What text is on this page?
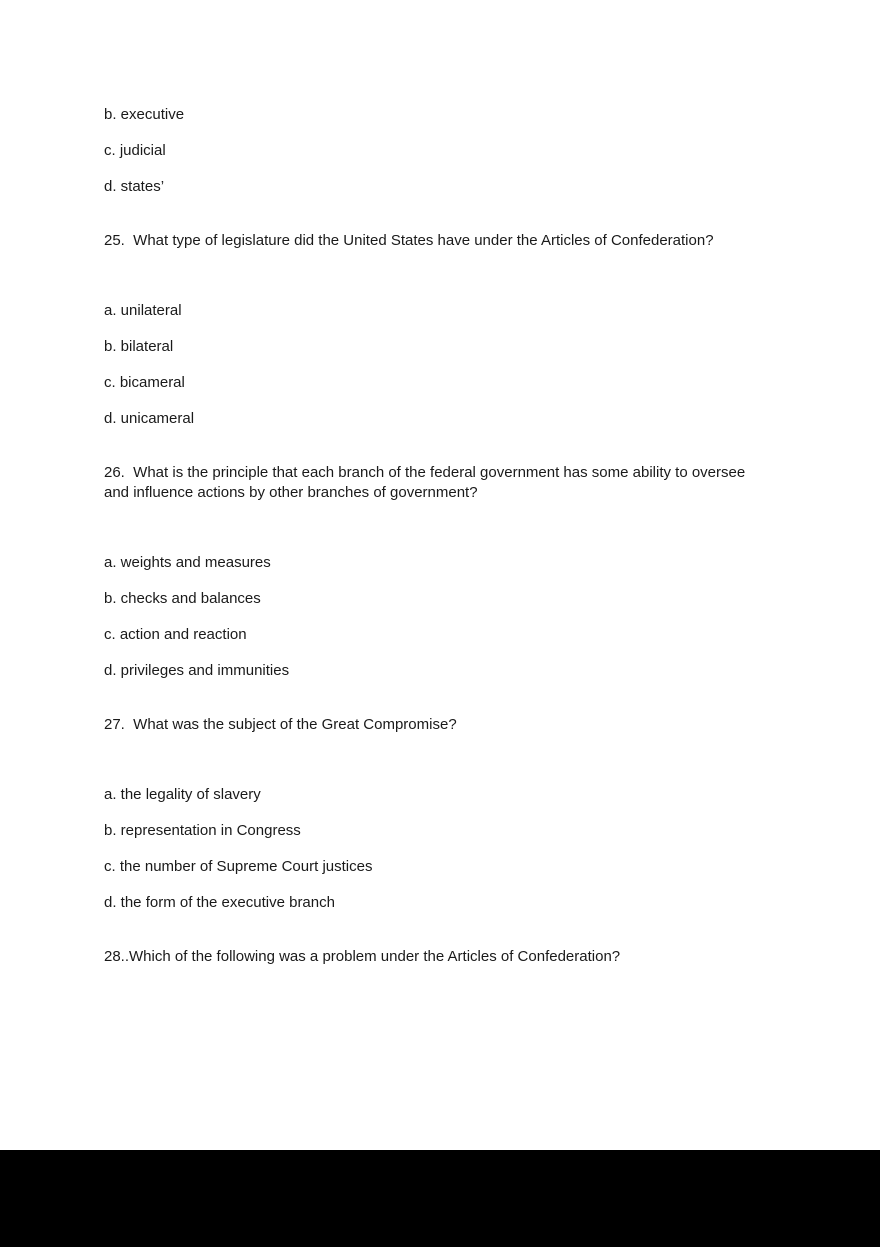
b. executive

c. judicial

d. states’

25.  What type of legislature did the United States have under the Articles of Confederation?

a. unilateral

b. bilateral

c. bicameral

d. unicameral

26.  What is the principle that each branch of the federal government has some ability to oversee and influence actions by other branches of government?

a. weights and measures

b. checks and balances

c. action and reaction

d. privileges and immunities

27.  What was the subject of the Great Compromise?

a. the legality of slavery

b. representation in Congress

c. the number of Supreme Court justices

d. the form of the executive branch

28..Which of the following was a problem under the Articles of Confederation?
